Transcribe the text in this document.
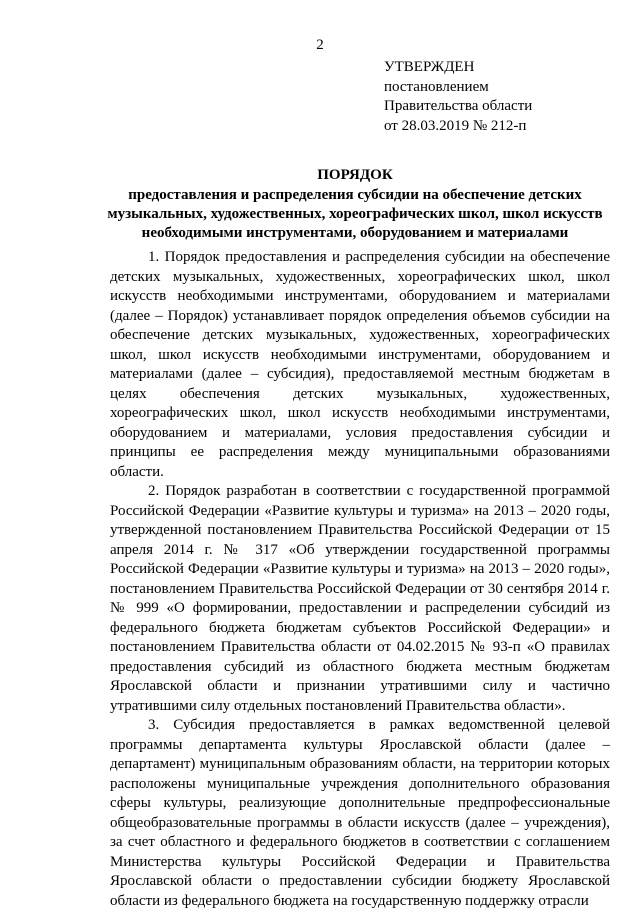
2
УТВЕРЖДЕН
постановлением
Правительства области
от 28.03.2019 № 212-п
ПОРЯДОК
предоставления и распределения субсидии на обеспечение детских музыкальных, художественных, хореографических школ, школ искусств необходимыми инструментами, оборудованием и материалами

1. Порядок предоставления и распределения субсидии на обеспечение детских музыкальных, художественных, хореографических школ, школ искусств необходимыми инструментами, оборудованием и материалами (далее – Порядок) устанавливает порядок определения объемов субсидии на обеспечение детских музыкальных, художественных, хореографических школ, школ искусств необходимыми инструментами, оборудованием и материалами (далее – субсидия), предоставляемой местным бюджетам в целях обеспечения детских музыкальных, художественных, хореографических школ, школ искусств необходимыми инструментами, оборудованием и материалами, условия предоставления субсидии и принципы ее распределения между муниципальными образованиями области.

2. Порядок разработан в соответствии с государственной программой Российской Федерации «Развитие культуры и туризма» на 2013 – 2020 годы, утвержденной постановлением Правительства Российской Федерации от 15 апреля 2014 г. № 317 «Об утверждении государственной программы Российской Федерации «Развитие культуры и туризма» на 2013 – 2020 годы», постановлением Правительства Российской Федерации от 30 сентября 2014 г. № 999 «О формировании, предоставлении и распределении субсидий из федерального бюджета бюджетам субъектов Российской Федерации» и постановлением Правительства области от 04.02.2015 № 93-п «О правилах предоставления субсидий из областного бюджета местным бюджетам Ярославской области и признании утратившими силу и частично утратившими силу отдельных постановлений Правительства области».

3. Субсидия предоставляется в рамках ведомственной целевой программы департамента культуры Ярославской области (далее – департамент) муниципальным образованиям области, на территории которых расположены муниципальные учреждения дополнительного образования сферы культуры, реализующие дополнительные предпрофессиональные общеобразовательные программы в области искусств (далее – учреждения), за счет областного и федерального бюджетов в соответствии с соглашением Министерства культуры Российской Федерации и Правительства Ярославской области о предоставлении субсидии бюджету Ярославской области из федерального бюджета на государственную поддержку отрасли
